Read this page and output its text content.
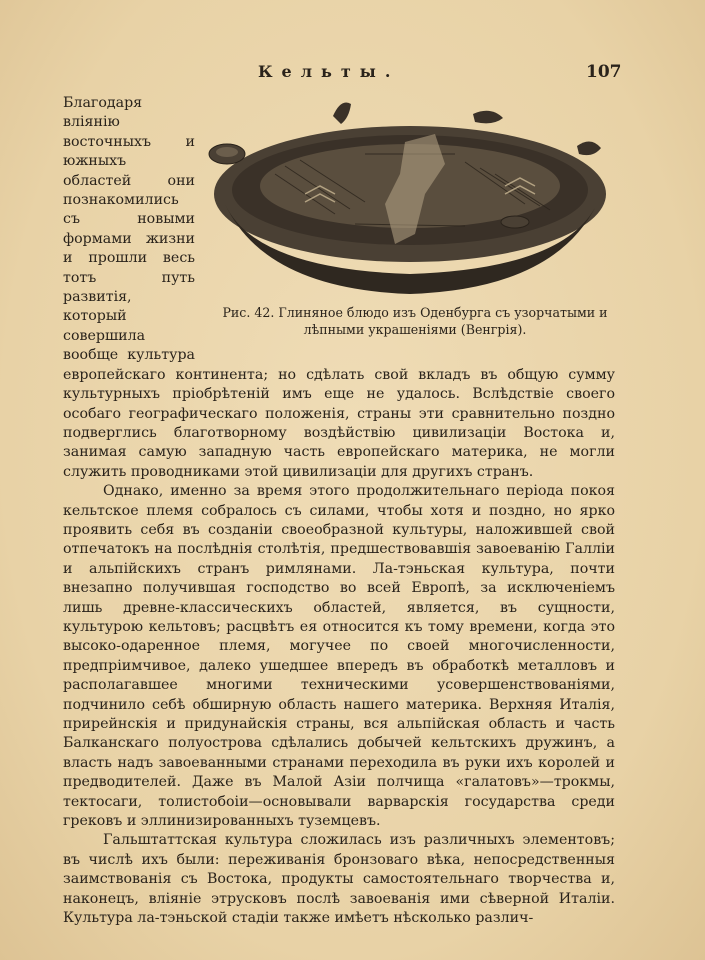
Кельты.	107
Рис. 42. Глиняное блюдо изъ Оденбурга съ узорчатыми и лѣпными украшеніями (Венгрія).

Благодаря вліянію восточныхъ и южныхъ областей они познакомились съ новыми формами жизни и прошли весь тотъ путь развитія, который совершила вообще культура европейскаго континента; но сдѣлать свой вкладъ въ общую сумму культурныхъ пріобрѣтеній имъ еще не удалось. Вслѣдствіе своего особаго географическаго положенія, страны эти сравнительно поздно подверглись благотворному воздѣйствію цивилизаціи Востока и, занимая самую западную часть европейскаго материка, не могли служить проводниками этой цивилизаціи для другихъ странъ.

Однако, именно за время этого продолжительнаго періода покоя кельтское племя собралось съ силами, чтобы хотя и поздно, но ярко проявить себя въ созданіи своеобразной культуры, наложившей свой отпечатокъ на послѣднія столѣтія, предшествовавшія завоеванію Галліи и альпійскихъ странъ римлянами. Ла-тэньская культура, почти внезапно получившая господство во всей Европѣ, за исключеніемъ лишь древне-классическихъ областей, является, въ сущности, культурою кельтовъ; расцвѣтъ ея относится къ тому времени, когда это высоко-одаренное племя, могучее по своей многочисленности, предпріимчивое, далеко ушедшее впередъ въ обработкѣ металловъ и располагавшее многими техническими усовершенствованіями, подчинило себѣ обширную область нашего материка. Верхняя Италія, прирейнскія и придунайскія страны, вся альпійская область и часть Балканскаго полуострова сдѣлались добычей кельтскихъ дружинъ, а власть надъ завоеванными странами переходила въ руки ихъ королей и предводителей. Даже въ Малой Азіи полчища «галатовъ»—трокмы, тектосаги, толистобоіи—основывали варварскія государства среди грековъ и эллинизированныхъ туземцевъ.

Гальштаттская культура сложилась изъ различныхъ элементовъ; въ числѣ ихъ были: переживанія бронзоваго вѣка, непосредственныя заимствованія съ Востока, продукты самостоятельнаго творчества и, наконецъ, вліяніе этрусковъ послѣ завоеванія ими сѣверной Италіи. Культура ла-тэньской стадіи также имѣетъ нѣсколько различ-
